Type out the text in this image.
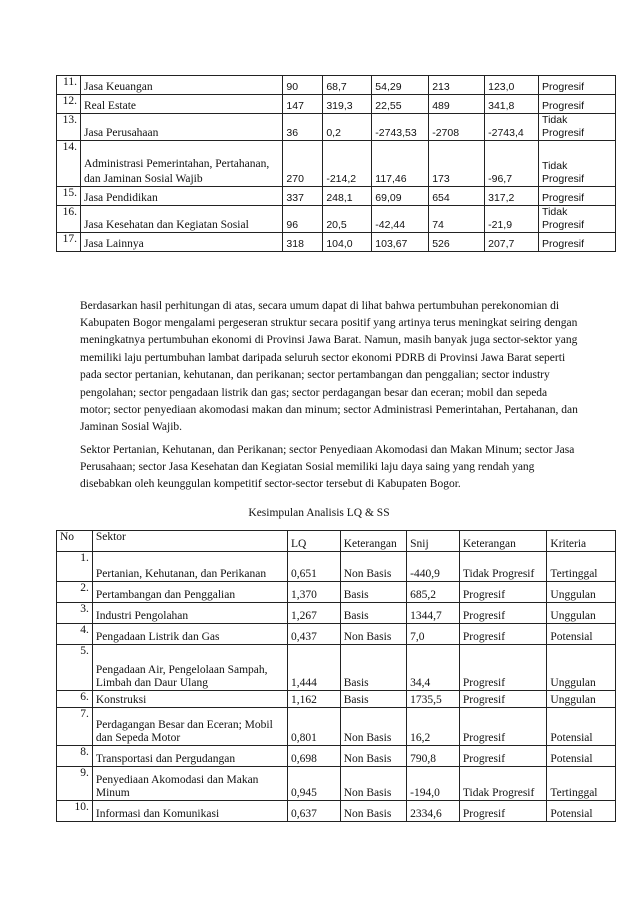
11.	Jasa Keuangan	90	68,7	54,29	213	123,0	Progresif
12.	Real Estate	147	319,3	22,55	489	341,8	Progresif
13.	Jasa Perusahaan	36	0,2	-2743,53	-2708	-2743,4	Tidak Progresif
14.	Administrasi Pemerintahan, Pertahanan, dan Jaminan Sosial Wajib	270	-214,2	117,46	173	-96,7	Tidak Progresif
15.	Jasa Pendidikan	337	248,1	69,09	654	317,2	Progresif
16.	Jasa Kesehatan dan Kegiatan Sosial	96	20,5	-42,44	74	-21,9	Tidak Progresif
17.	Jasa Lainnya	318	104,0	103,67	526	207,7	Progresif

Berdasarkan hasil perhitungan di atas, secara umum dapat di lihat bahwa pertumbuhan perekonomian di Kabupaten Bogor mengalami pergeseran struktur secara positif yang artinya terus meningkat seiring dengan meningkatnya pertumbuhan ekonomi di Provinsi Jawa Barat. Namun, masih banyak juga sector-sektor yang memiliki laju pertumbuhan lambat daripada seluruh sector ekonomi PDRB di Provinsi Jawa Barat seperti pada sector pertanian, kehutanan, dan perikanan; sector pertambangan dan penggalian; sector industry pengolahan; sector pengadaan listrik dan gas; sector perdagangan besar dan eceran; mobil dan sepeda motor; sector penyediaan akomodasi makan dan minum; sector Administrasi Pemerintahan, Pertahanan, dan Jaminan Sosial Wajib.

Sektor Pertanian, Kehutanan, dan Perikanan; sector Penyediaan Akomodasi dan Makan Minum; sector Jasa Perusahaan; sector Jasa Kesehatan dan Kegiatan Sosial memiliki laju daya saing yang rendah yang disebabkan oleh keunggulan kompetitif sector-sector tersebut di Kabupaten Bogor.

Kesimpulan Analisis LQ & SS
No	Sektor	LQ	Keterangan	Snij	Keterangan	Kriteria
1.	Pertanian, Kehutanan, dan Perikanan	0,651	Non Basis	-440,9	Tidak Progresif	Tertinggal
2.	Pertambangan dan Penggalian	1,370	Basis	685,2	Progresif	Unggulan
3.	Industri Pengolahan	1,267	Basis	1344,7	Progresif	Unggulan
4.	Pengadaan Listrik dan Gas	0,437	Non Basis	7,0	Progresif	Potensial
5.	Pengadaan Air, Pengelolaan Sampah, Limbah dan Daur Ulang	1,444	Basis	34,4	Progresif	Unggulan
6.	Konstruksi	1,162	Basis	1735,5	Progresif	Unggulan
7.	Perdagangan Besar dan Eceran; Mobil dan Sepeda Motor	0,801	Non Basis	16,2	Progresif	Potensial
8.	Transportasi dan Pergudangan	0,698	Non Basis	790,8	Progresif	Potensial
9.	Penyediaan Akomodasi dan Makan Minum	0,945	Non Basis	-194,0	Tidak Progresif	Tertinggal
10.	Informasi dan Komunikasi	0,637	Non Basis	2334,6	Progresif	Potensial
